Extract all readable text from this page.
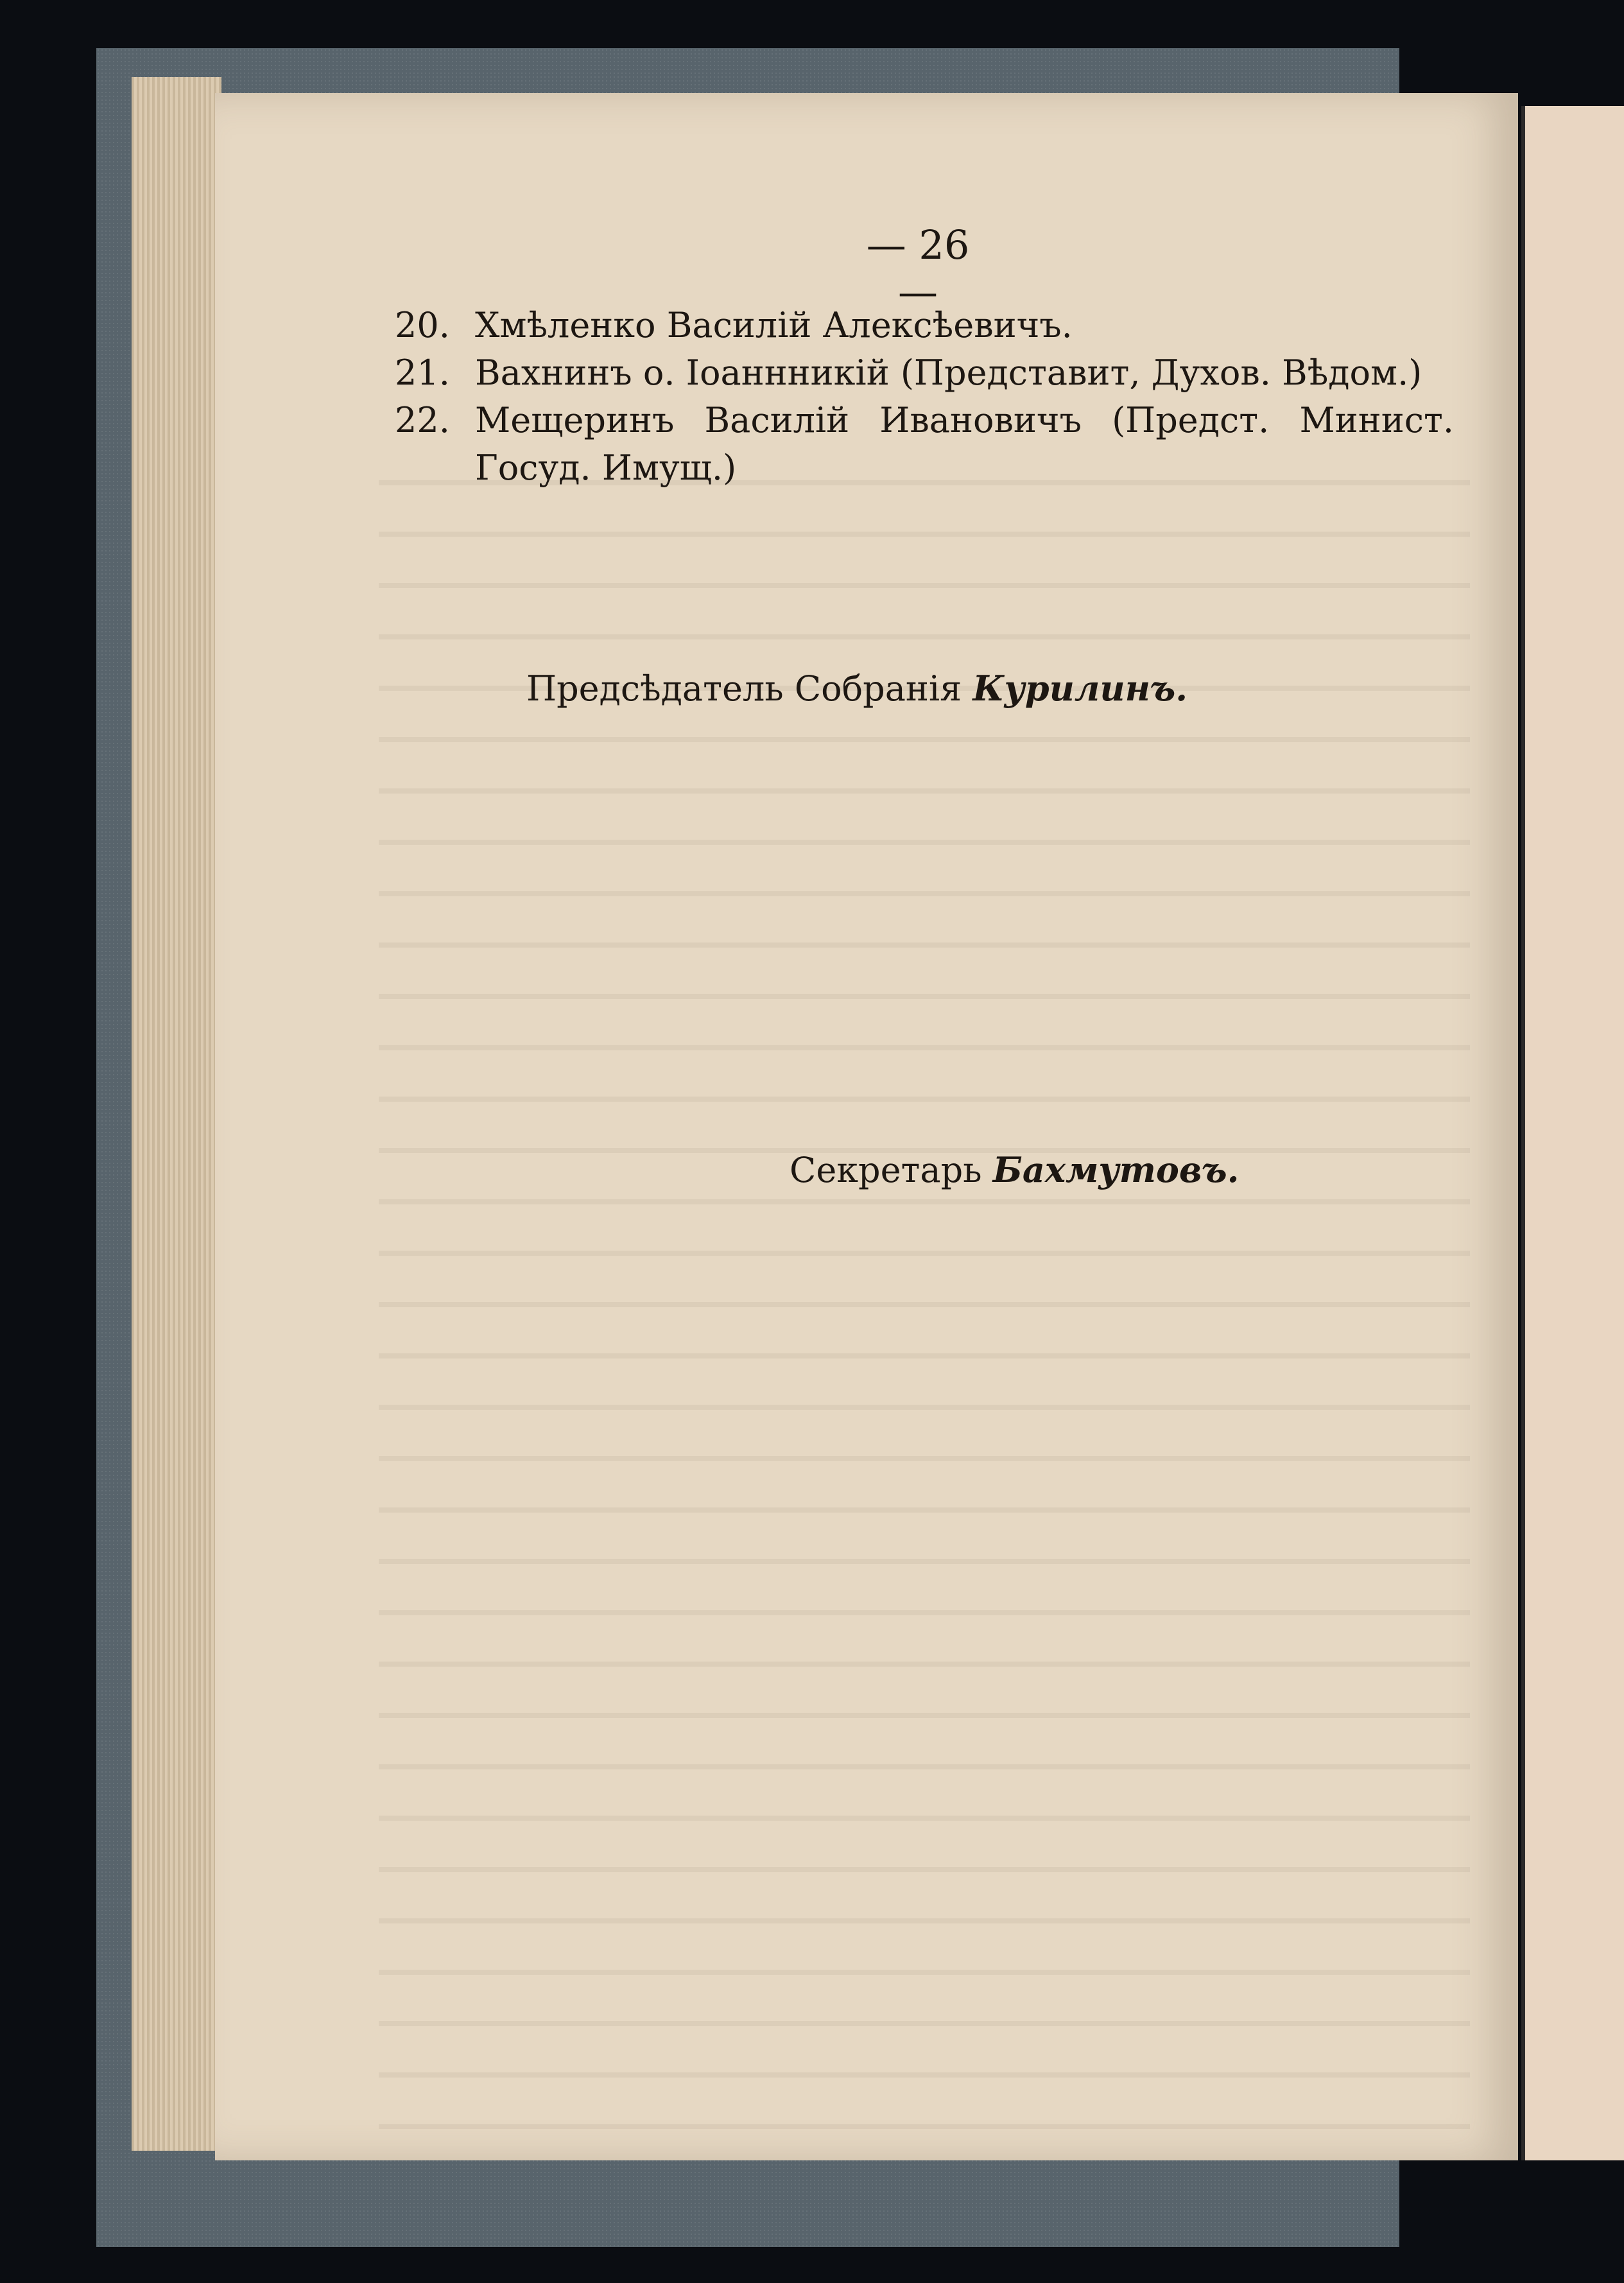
— 26 —
20. Хмѣленко Василій Алексѣевичъ.
21. Вахнинъ о. Іоаннникій (Представит, Духов. Вѣдом.)
22. Мещеринъ Василій Ивановичъ (Предст. Минист. Госуд. Имущ.)
Предсѣдатель Собранія Курилинъ.
Секретарь Бахмутовъ.
